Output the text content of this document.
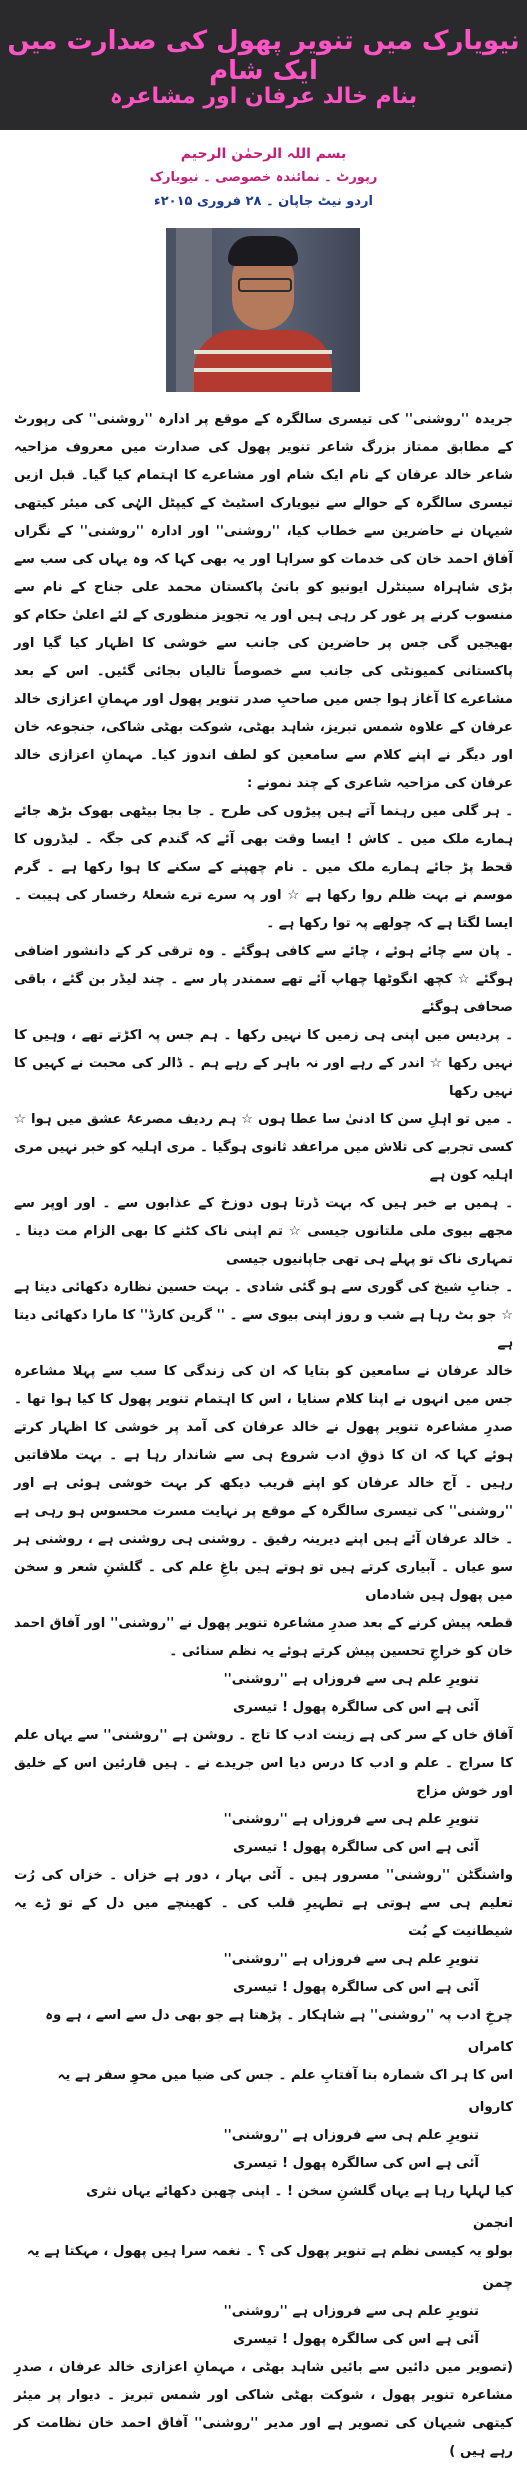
نیویارک میں تنویر پھول کی صدارت میں ایک شام
بنام خالد عرفان اور مشاعرہ
بسم اللہ الرحمٰن الرحیم
رپورٹ ۔ نمائندہ خصوصی ۔ نیویارک
اردو نیٹ جاپان ۔ ۲۸ فروری ۲۰۱۵ء

جریدہ ''روشنی'' کی تیسری سالگرہ کے موقع پر ادارہ ''روشنی'' کی رپورٹ کے مطابق ممتاز بزرگ شاعر تنویر پھول کی صدارت میں معروف مزاحیہ شاعر خالد عرفان کے نام ایک شام اور مشاعرے کا اہتمام کیا گیا۔ قبل ازیں تیسری سالگرہ کے حوالے سے نیویارک اسٹیٹ کے کیپٹل الہٰی کی میئر کیتھی شیہان نے حاضرین سے خطاب کیا، ''روشنی'' اور ادارہ ''روشنی'' کے نگراں آفاق احمد خان کی خدمات کو سراہا اور یہ بھی کہا کہ وہ یہاں کی سب سے بڑی شاہراہ سینٹرل ایونیو کو بانیٔ پاکستان محمد علی جناح کے نام سے منسوب کرنے پر غور کر رہی ہیں اور یہ تجویز منظوری کے لئے اعلیٰ حکام کو بھیجیں گی جس پر حاضرین کی جانب سے خوشی کا اظہار کیا گیا اور پاکستانی کمیونٹی کی جانب سے خصوصاً تالیاں بجائی گئیں۔ اس کے بعد مشاعرے کا آغاز ہوا جس میں صاحبِ صدر تنویر پھول اور مہمانِ اعزازی خالد عرفان کے علاوہ شمس تبریز، شاہد بھٹی، شوکت بھٹی شاکی، جنجوعہ خان اور دیگر نے اپنے کلام سے سامعین کو لطف اندوز کیا۔ مہمانِ اعزازی خالد عرفان کی مزاحیہ شاعری کے چند نمونے :

۔ ہر گلی میں رہنما آتے ہیں پیڑوں کی طرح ۔ جا بجا بیٹھی بھوک بڑھ جائے ہمارے ملک میں ۔ کاش ! ایسا وقت بھی آئے کہ گندم کی جگہ ۔ لیڈروں کا قحط پڑ جائے ہمارے ملک میں ۔ نام چھپنے کے سکنے کا ہوا رکھا ہے ۔ گرم موسم نے بہت ظلم روا رکھا ہے ☆ اور پہ سرے ترے شعلۂ رخسار کی ہیبت ۔ ایسا لگتا ہے کہ چولھے پہ توا رکھا ہے ۔

۔ پان سے چائے ہوئے ، چائے سے کافی ہوگئے ۔ وہ ترقی کر کے دانشور اضافی ہوگئے ☆ کچھ انگوٹھا چھاپ آئے تھے سمندر پار سے ۔ چند لیڈر بن گئے ، باقی صحافی ہوگئے

۔ پردیس میں اپنی ہی زمیں کا نہیں رکھا ۔ ہم جس پہ اکڑتے تھے ، وہیں کا نہیں رکھا ☆ اندر کے رہے اور نہ باہر کے رہے ہم ۔ ڈالر کی محبت نے کہیں کا نہیں رکھا

۔ میں تو اہلِ سن کا ادنیٰ سا عطا ہوں ☆ ہم ردیف مصرعۂ عشق میں ہوا ☆ کسی تجربے کی تلاش میں مراعفد ثانوی ہوگیا ۔ مری اہلیہ کو خبر نہیں مری اہلیہ کون ہے

۔ ہمیں بے خبر ہیں کہ بہت ڈرتا ہوں دوزخ کے عذابوں سے ۔ اور اوپر سے مجھے بیوی ملی ملتانوں جیسی ☆ تم اپنی ناک کٹنے کا بھی الزام مت دینا ۔ تمہاری ناک تو پہلے ہی تھی جاپانیوں جیسی

۔ جنابِ شیخ کی گوری سے ہو گئی شادی ۔ بہت حسین نظارہ دکھائی دیتا ہے ☆ جو بٹ رہا ہے شب و روز اپنی بیوی سے ۔ '' گرین کارڈ'' کا مارا دکھائی دیتا ہے

خالد عرفان نے سامعین کو بتایا کہ ان کی زندگی کا سب سے پہلا مشاعرہ جس میں انہوں نے اپنا کلام سنایا ، اس کا اہتمام تنویر پھول کا کیا ہوا تھا ۔ صدرِ مشاعرہ تنویر پھول نے خالد عرفان کی آمد پر خوشی کا اظہار کرتے ہوئے کہا کہ ان کا ذوقِ ادب شروع ہی سے شاندار رہا ہے ۔ بہت ملاقاتیں رہیں ۔ آج خالد عرفان کو اپنے قریب دیکھ کر بہت خوشی ہوئی ہے اور ''روشنی'' کی تیسری سالگرہ کے موقع پر نہایت مسرت محسوس ہو رہی ہے ۔ خالد عرفان آئے ہیں اپنے دیرینہ رفیق ۔ روشنی ہی روشنی ہے ، روشنی ہر سو عیاں ۔ آبیاری کرتے ہیں تو ہوتے ہیں باغِ علم کی ۔ گلشنِ شعر و سخن میں پھول ہیں شادماں

قطعہ پیش کرنے کے بعد صدرِ مشاعرہ تنویر پھول نے ''روشنی'' اور آفاق احمد خان کو خراجِ تحسین پیش کرتے ہوئے یہ نظم سنائی ۔

تنویرِ علم ہی سے فروزاں ہے ''روشنی''

آئی ہے اس کی سالگرہ پھول ! تیسری

آفاق خاں کے سر کی ہے زینت ادب کا تاج ۔ روشن ہے ''روشنی'' سے یہاں علم کا سراج ۔ علم و ادب کا درس دیا اس جریدے نے ۔ ہیں قارئین اس کے خلیق اور خوش مزاج

تنویرِ علم ہی سے فروزاں ہے ''روشنی''

آئی ہے اس کی سالگرہ پھول ! تیسری

واشنگٹن ''روشنی'' مسرور ہیں ۔ آئی بہار ، دور ہے خزاں ۔ خزاں کی رُت تعلیم ہی سے ہوتی ہے تطہیرِ قلب کی ۔ کھینچے میں دل کے تو ڑے یہ شیطانیت کے بُت

تنویرِ علم ہی سے فروزاں ہے ''روشنی''

آئی ہے اس کی سالگرہ پھول ! تیسری

چرخِ ادب پہ ''روشنی'' ہے شاہکار ۔ پڑھتا ہے جو بھی دل سے اسے ، ہے وہ

کامراں

اس کا ہر اک شمارہ بنا آفتابِ علم ۔ جس کی ضیا میں محوِ سفر ہے یہ

کارواں

تنویرِ علم ہی سے فروزاں ہے ''روشنی''

آئی ہے اس کی سالگرہ پھول ! تیسری

کیا لہلہا رہا ہے یہاں گلشنِ سخن ! ۔ اپنی چھبن دکھائے یہاں نثری

انجمن

بولو یہ کیسی نظم ہے تنویر پھول کی ؟ ۔ نغمہ سرا ہیں پھول ، مہکتا ہے یہ

چمن

تنویرِ علم ہی سے فروزاں ہے ''روشنی''

آئی ہے اس کی سالگرہ پھول ! تیسری

(تصویر میں دائیں سے بائیں شاہد بھٹی ، مہمانِ اعزازی خالد عرفان ، صدرِ مشاعرہ تنویر پھول ، شوکت بھٹی شاکی اور شمس تبریز ۔ دیوار پر میئر کیتھی شیہان کی تصویر ہے اور مدیر ''روشنی'' آفاق احمد خان نظامت کر رہے ہیں )
